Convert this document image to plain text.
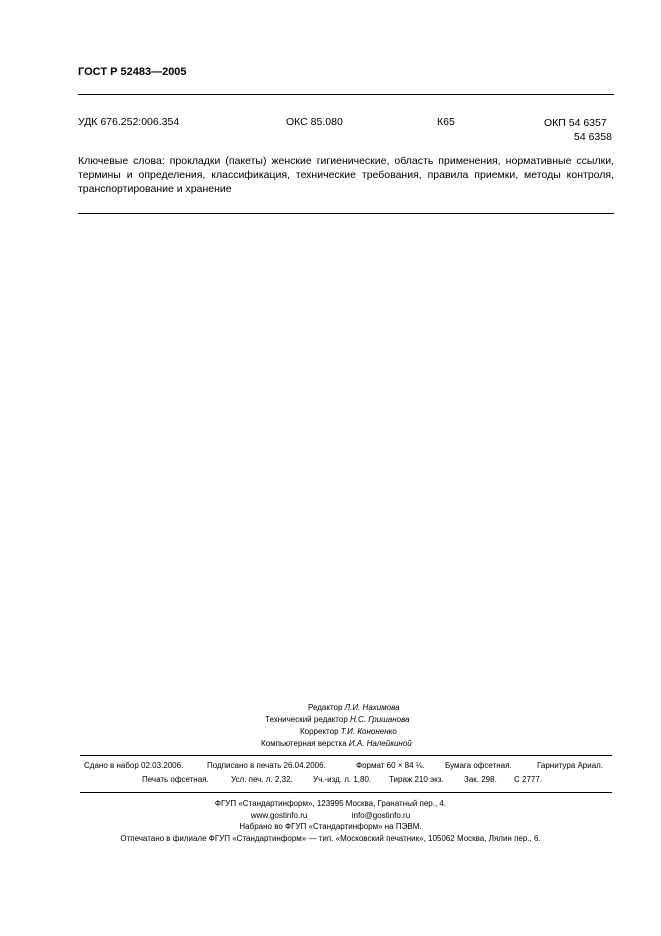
ГОСТ Р 52483—2005
УДК 676.252:006.354	ОКС 85.080	К65	ОКП 54 6357
54 6358
Ключевые слова: прокладки (пакеты) женские гигиенические, область применения, нормативные ссылки, термины и определения, классификация, технические требования, правила приемки, методы контроля, транспортирование и хранение
Редактор Л.И. Нахимова
Технический редактор Н.С. Гришанова
Корректор Т.И. Кононенко
Компьютерная верстка И.А. Налейкиной
Сдано в набор 02.03.2006.	Подписано в печать 26.04.2006.	Формат 60 × 84 ⅛.	Бумага офсетная.	Гарнитура Ариал.
Печать офсетная.	Усл. печ. л. 2,32.	Уч.-изд. л. 1,80. Тираж 210 экз.	Зак. 298. С 2777.
ФГУП «Стандартинформ», 123995 Москва, Гранатный пер., 4.
www.gostinfo.ru	info@gostinfo.ru
Набрано во ФГУП «Стандартинформ» на ПЭВМ.
Отпечатано в филиале ФГУП «Стандартинформ» — тип. «Московский печатник», 105062 Москва, Лялин пер., 6.
